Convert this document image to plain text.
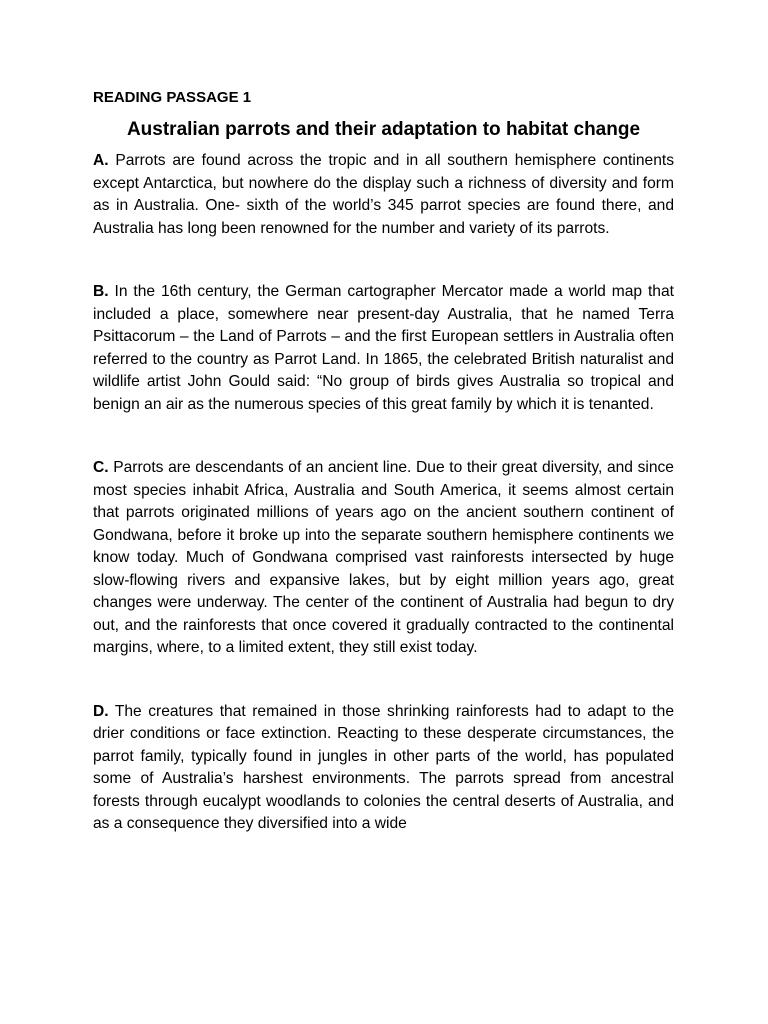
READING PASSAGE 1

Australian parrots and their adaptation to habitat change

A. Parrots are found across the tropic and in all southern hemisphere continents except Antarctica, but nowhere do the display such a richness of diversity and form as in Australia. One- sixth of the world’s 345 parrot species are found there, and Australia has long been renowned for the number and variety of its parrots.

B. In the 16th century, the German cartographer Mercator made a world map that included a place, somewhere near present-day Australia, that he named Terra Psittacorum – the Land of Parrots – and the first European settlers in Australia often referred to the country as Parrot Land. In 1865, the celebrated British naturalist and wildlife artist John Gould said: “No group of birds gives Australia so tropical and benign an air as the numerous species of this great family by which it is tenanted.

C. Parrots are descendants of an ancient line. Due to their great diversity, and since most species inhabit Africa, Australia and South America, it seems almost certain that parrots originated millions of years ago on the ancient southern continent of Gondwana, before it broke up into the separate southern hemisphere continents we know today. Much of Gondwana comprised vast rainforests intersected by huge slow-flowing rivers and expansive lakes, but by eight million years ago, great changes were underway. The center of the continent of Australia had begun to dry out, and the rainforests that once covered it gradually contracted to the continental margins, where, to a limited extent, they still exist today.

D. The creatures that remained in those shrinking rainforests had to adapt to the drier conditions or face extinction. Reacting to these desperate circumstances, the parrot family, typically found in jungles in other parts of the world, has populated some of Australia’s harshest environments. The parrots spread from ancestral forests through eucalypt woodlands to colonies the central deserts of Australia, and as a consequence they diversified into a wide
